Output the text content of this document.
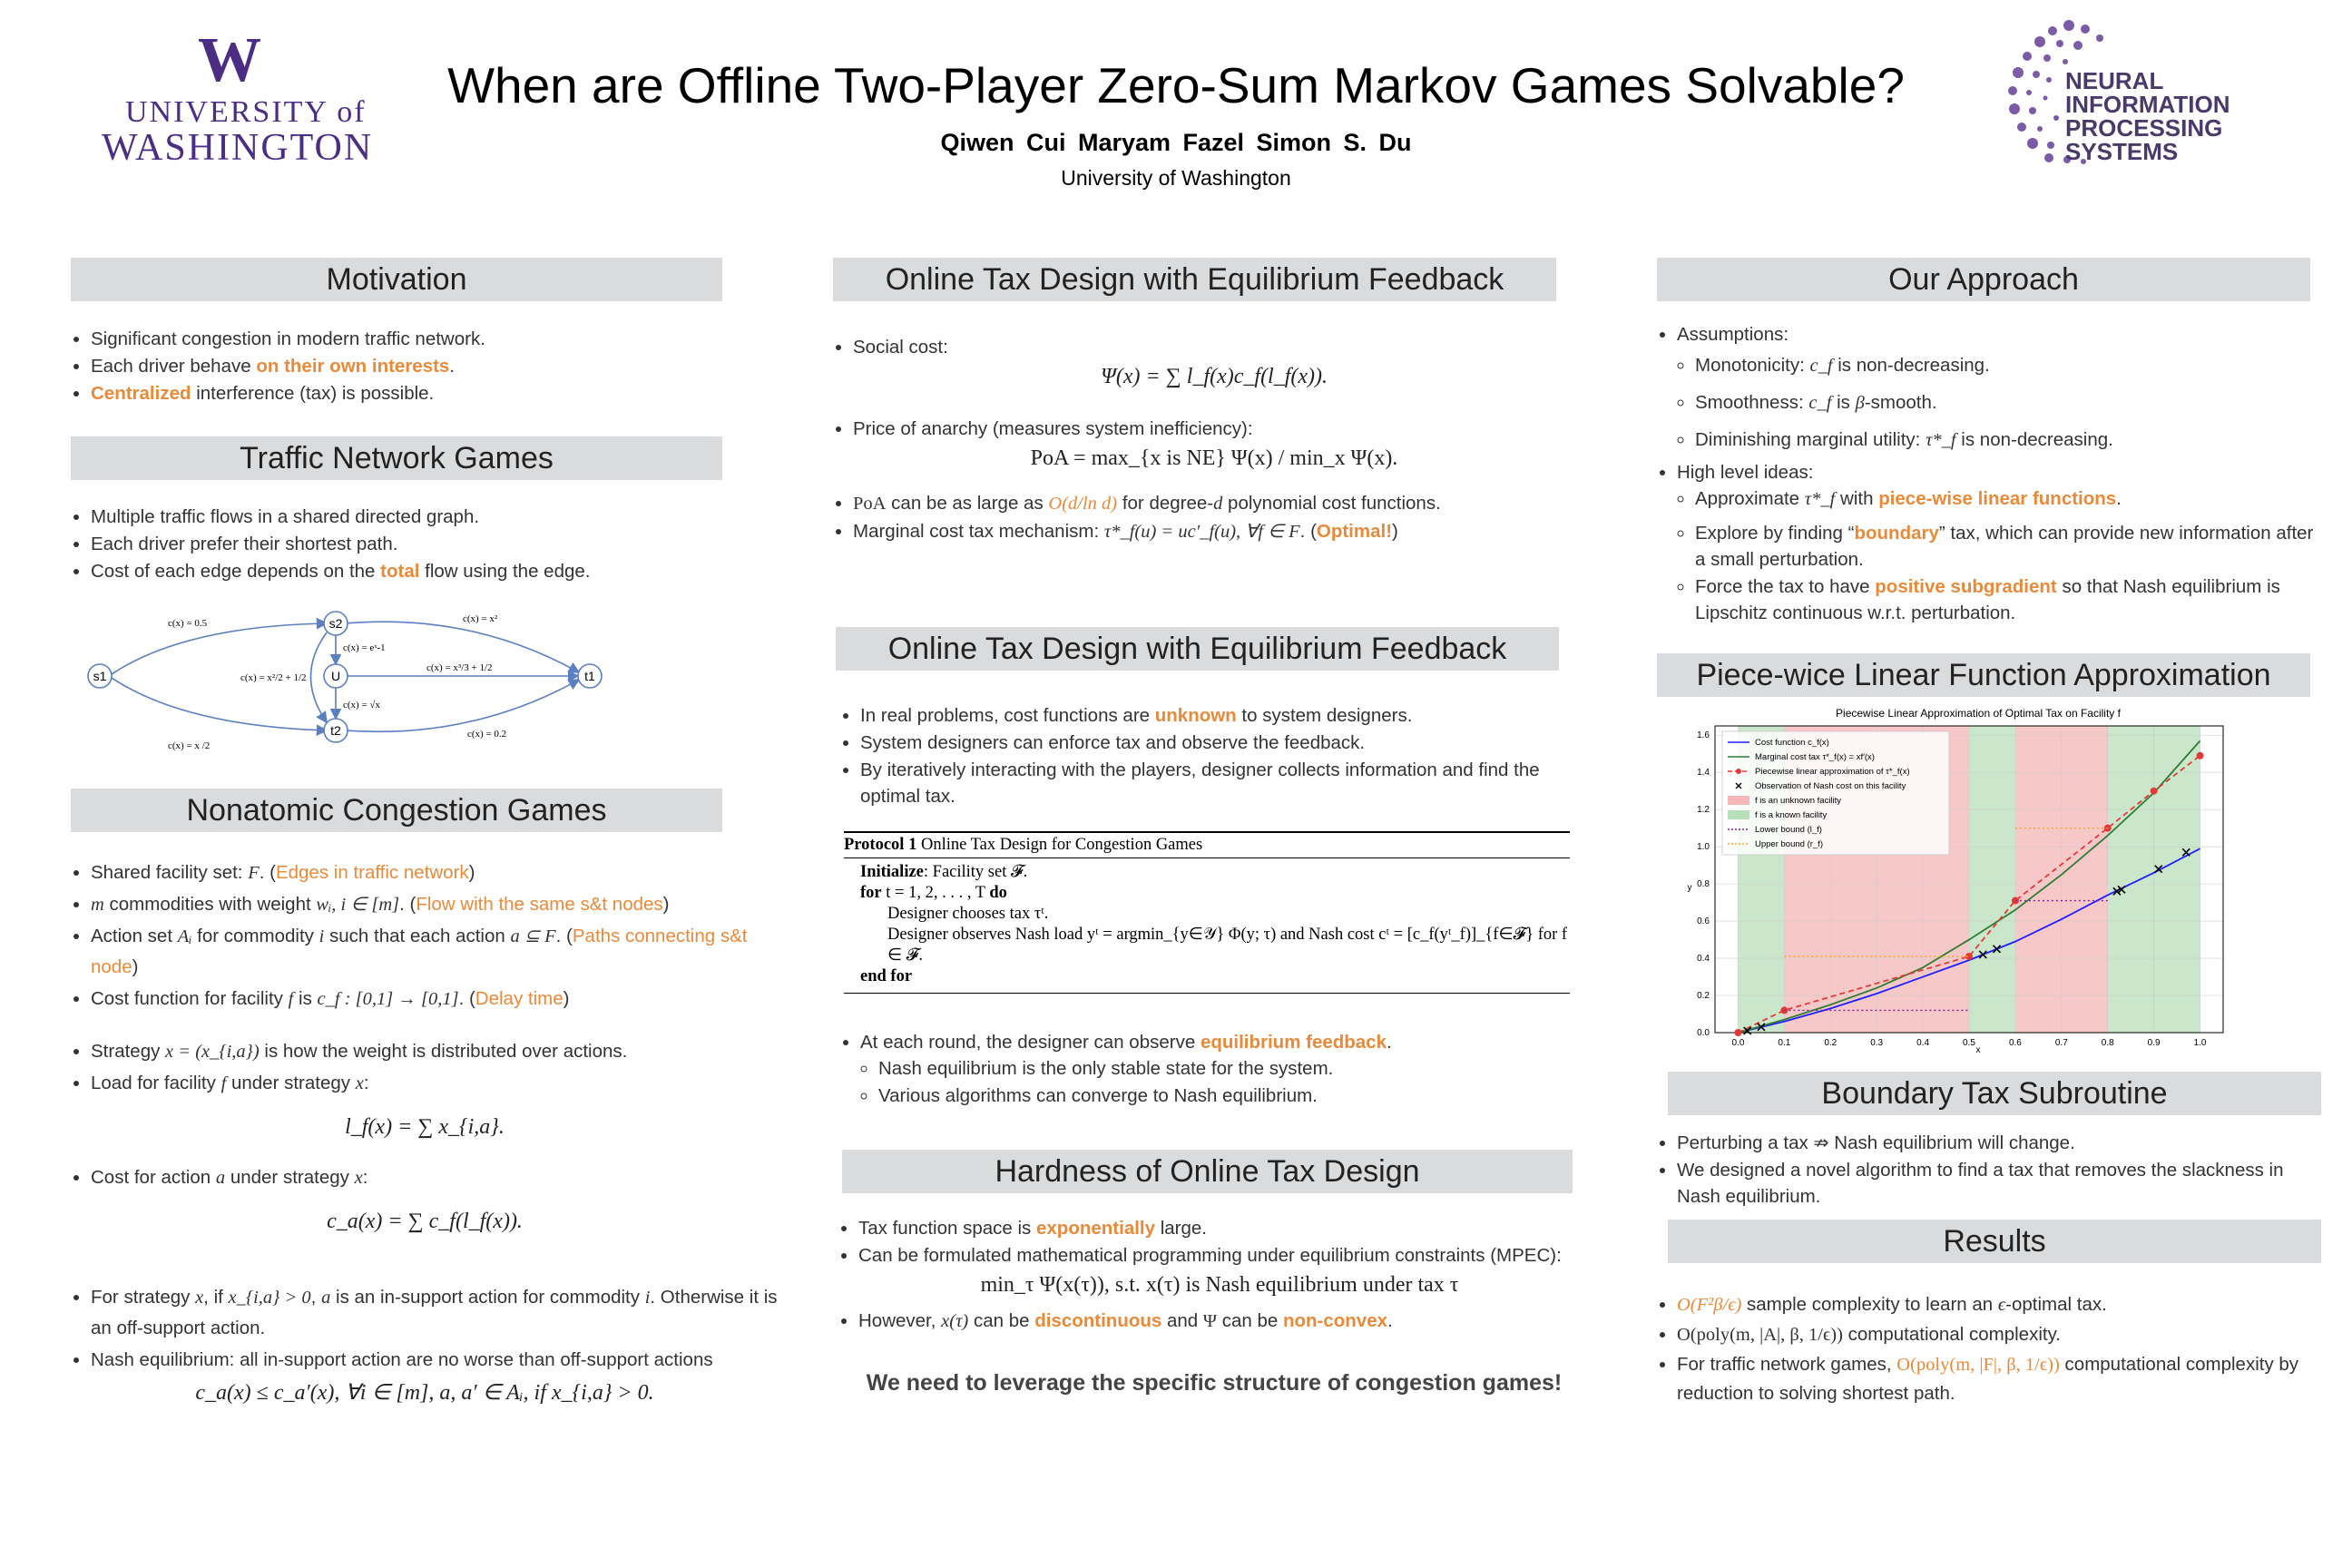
W
UNIVERSITY of
WASHINGTON
When are Offline Two-Player Zero-Sum Markov Games Solvable?
Qiwen Cui Maryam Fazel Simon S. Du
University of Washington
NEURAL
INFORMATION
PROCESSING
SYSTEMS
Motivation
• Significant congestion in modern traffic network.
• Each driver behave on their own interests.
• Centralized interference (tax) is possible.
Traffic Network Games
• Multiple traffic flows in a shared directed graph.
• Each driver prefer their shortest path.
• Cost of each edge depends on the total flow using the edge.
s1
s2
U
t2
t1
c(x) = 0.5	c(x) = x²
c(x) = eˣ-1
c(x) = x²/2 + 1/2
c(x) = x³/3 + 1/2
c(x) = √x
c(x) = x /2
c(x) = 0.2
Nonatomic Congestion Games
• Shared facility set: F. (Edges in traffic network)
• m commodities with weight wᵢ, i ∈ [m]. (Flow with the same s&t nodes)
• Action set Aᵢ for commodity i such that each action a ⊆ F. (Paths connecting s&t node)
• Cost function for facility f is c_f : [0,1] → [0,1]. (Delay time)
• Strategy x = (x_{i,a}) is how the weight is distributed over actions.
• Load for facility f under strategy x:
l_f(x) = ∑ x_{i,a}.
• Cost for action a under strategy x:
c_a(x) = ∑ c_f(l_f(x)).
• For strategy x, if x_{i,a} > 0, a is an in-support action for commodity i. Otherwise it is an off-support action.
• Nash equilibrium: all in-support action are no worse than off-support actions
c_a(x) ≤ c_a′(x), ∀i ∈ [m], a, a′ ∈ Aᵢ, if x_{i,a} > 0.
Online Tax Design with Equilibrium Feedback
• Social cost:
Ψ(x) = ∑ l_f(x)c_f(l_f(x)).
• Price of anarchy (measures system inefficiency):
PoA = max_{x is NE} Ψ(x) / min_x Ψ(x).
• PoA can be as large as O(d/ln d) for degree-d polynomial cost functions.
• Marginal cost tax mechanism: τ*_f(u) = uc′_f(u), ∀f ∈ F. (Optimal!)
Online Tax Design with Equilibrium Feedback
• In real problems, cost functions are unknown to system designers.
• System designers can enforce tax and observe the feedback.
• By iteratively interacting with the players, designer collects information and find the optimal tax.
Protocol 1 Online Tax Design for Congestion Games
Initialize: Facility set 𝓕.
for t = 1, 2, . . . , T do
Designer chooses tax τᵗ.
Designer observes Nash load yᵗ = argmin_{y∈𝒴} Φ(y; τ) and Nash cost cᵗ = [c_f(yᵗ_f)]_{f∈𝓕} for f ∈ 𝓕.
end for
• At each round, the designer can observe equilibrium feedback.
◦ Nash equilibrium is the only stable state for the system.
◦ Various algorithms can converge to Nash equilibrium.
Hardness of Online Tax Design
• Tax function space is exponentially large.
• Can be formulated mathematical programming under equilibrium constraints (MPEC):
min_τ Ψ(x(τ)), s.t. x(τ) is Nash equilibrium under tax τ
• However, x(τ) can be discontinuous and Ψ can be non-convex.
We need to leverage the specific structure of congestion games!
Our Approach
• Assumptions:
◦ Monotonicity: c_f is non-decreasing.
◦ Smoothness: c_f is β-smooth.
◦ Diminishing marginal utility: τ*_f is non-decreasing.
• High level ideas:
◦ Approximate τ*_f with piece-wise linear functions.
◦ Explore by finding “boundary” tax, which can provide new information after a small perturbation.
◦ Force the tax to have positive subgradient so that Nash equilibrium is Lipschitz continuous w.r.t. perturbation.
Piece-wice Linear Function Approximation
Piecewise Linear Approximation of Optimal Tax on Facility f
y
x
0.0	0.1	0.2	0.3	0.4	0.5	0.6	0.7	0.8	0.9	1.0
0.0
0.2
0.4
0.6
0.8
1.0
1.2
1.4
1.6
Cost function c_f(x)
Marginal cost tax τ*_f(x) = xf′(x)
Piecewise linear approximation of τ*_f(x)
Observation of Nash cost on this facility
f is an unknown facility
f is a known facility
Lower bound (l_f)
Upper bound (r_f)
Boundary Tax Subroutine
• Perturbing a tax ⇏ Nash equilibrium will change.
• We designed a novel algorithm to find a tax that removes the slackness in Nash equilibrium.
Results
• O(F²β/ϵ) sample complexity to learn an ϵ-optimal tax.
• O(poly(m, |A|, β, 1/ϵ)) computational complexity.
• For traffic network games, O(poly(m, |F|, β, 1/ϵ)) computational complexity by reduction to solving shortest path.
